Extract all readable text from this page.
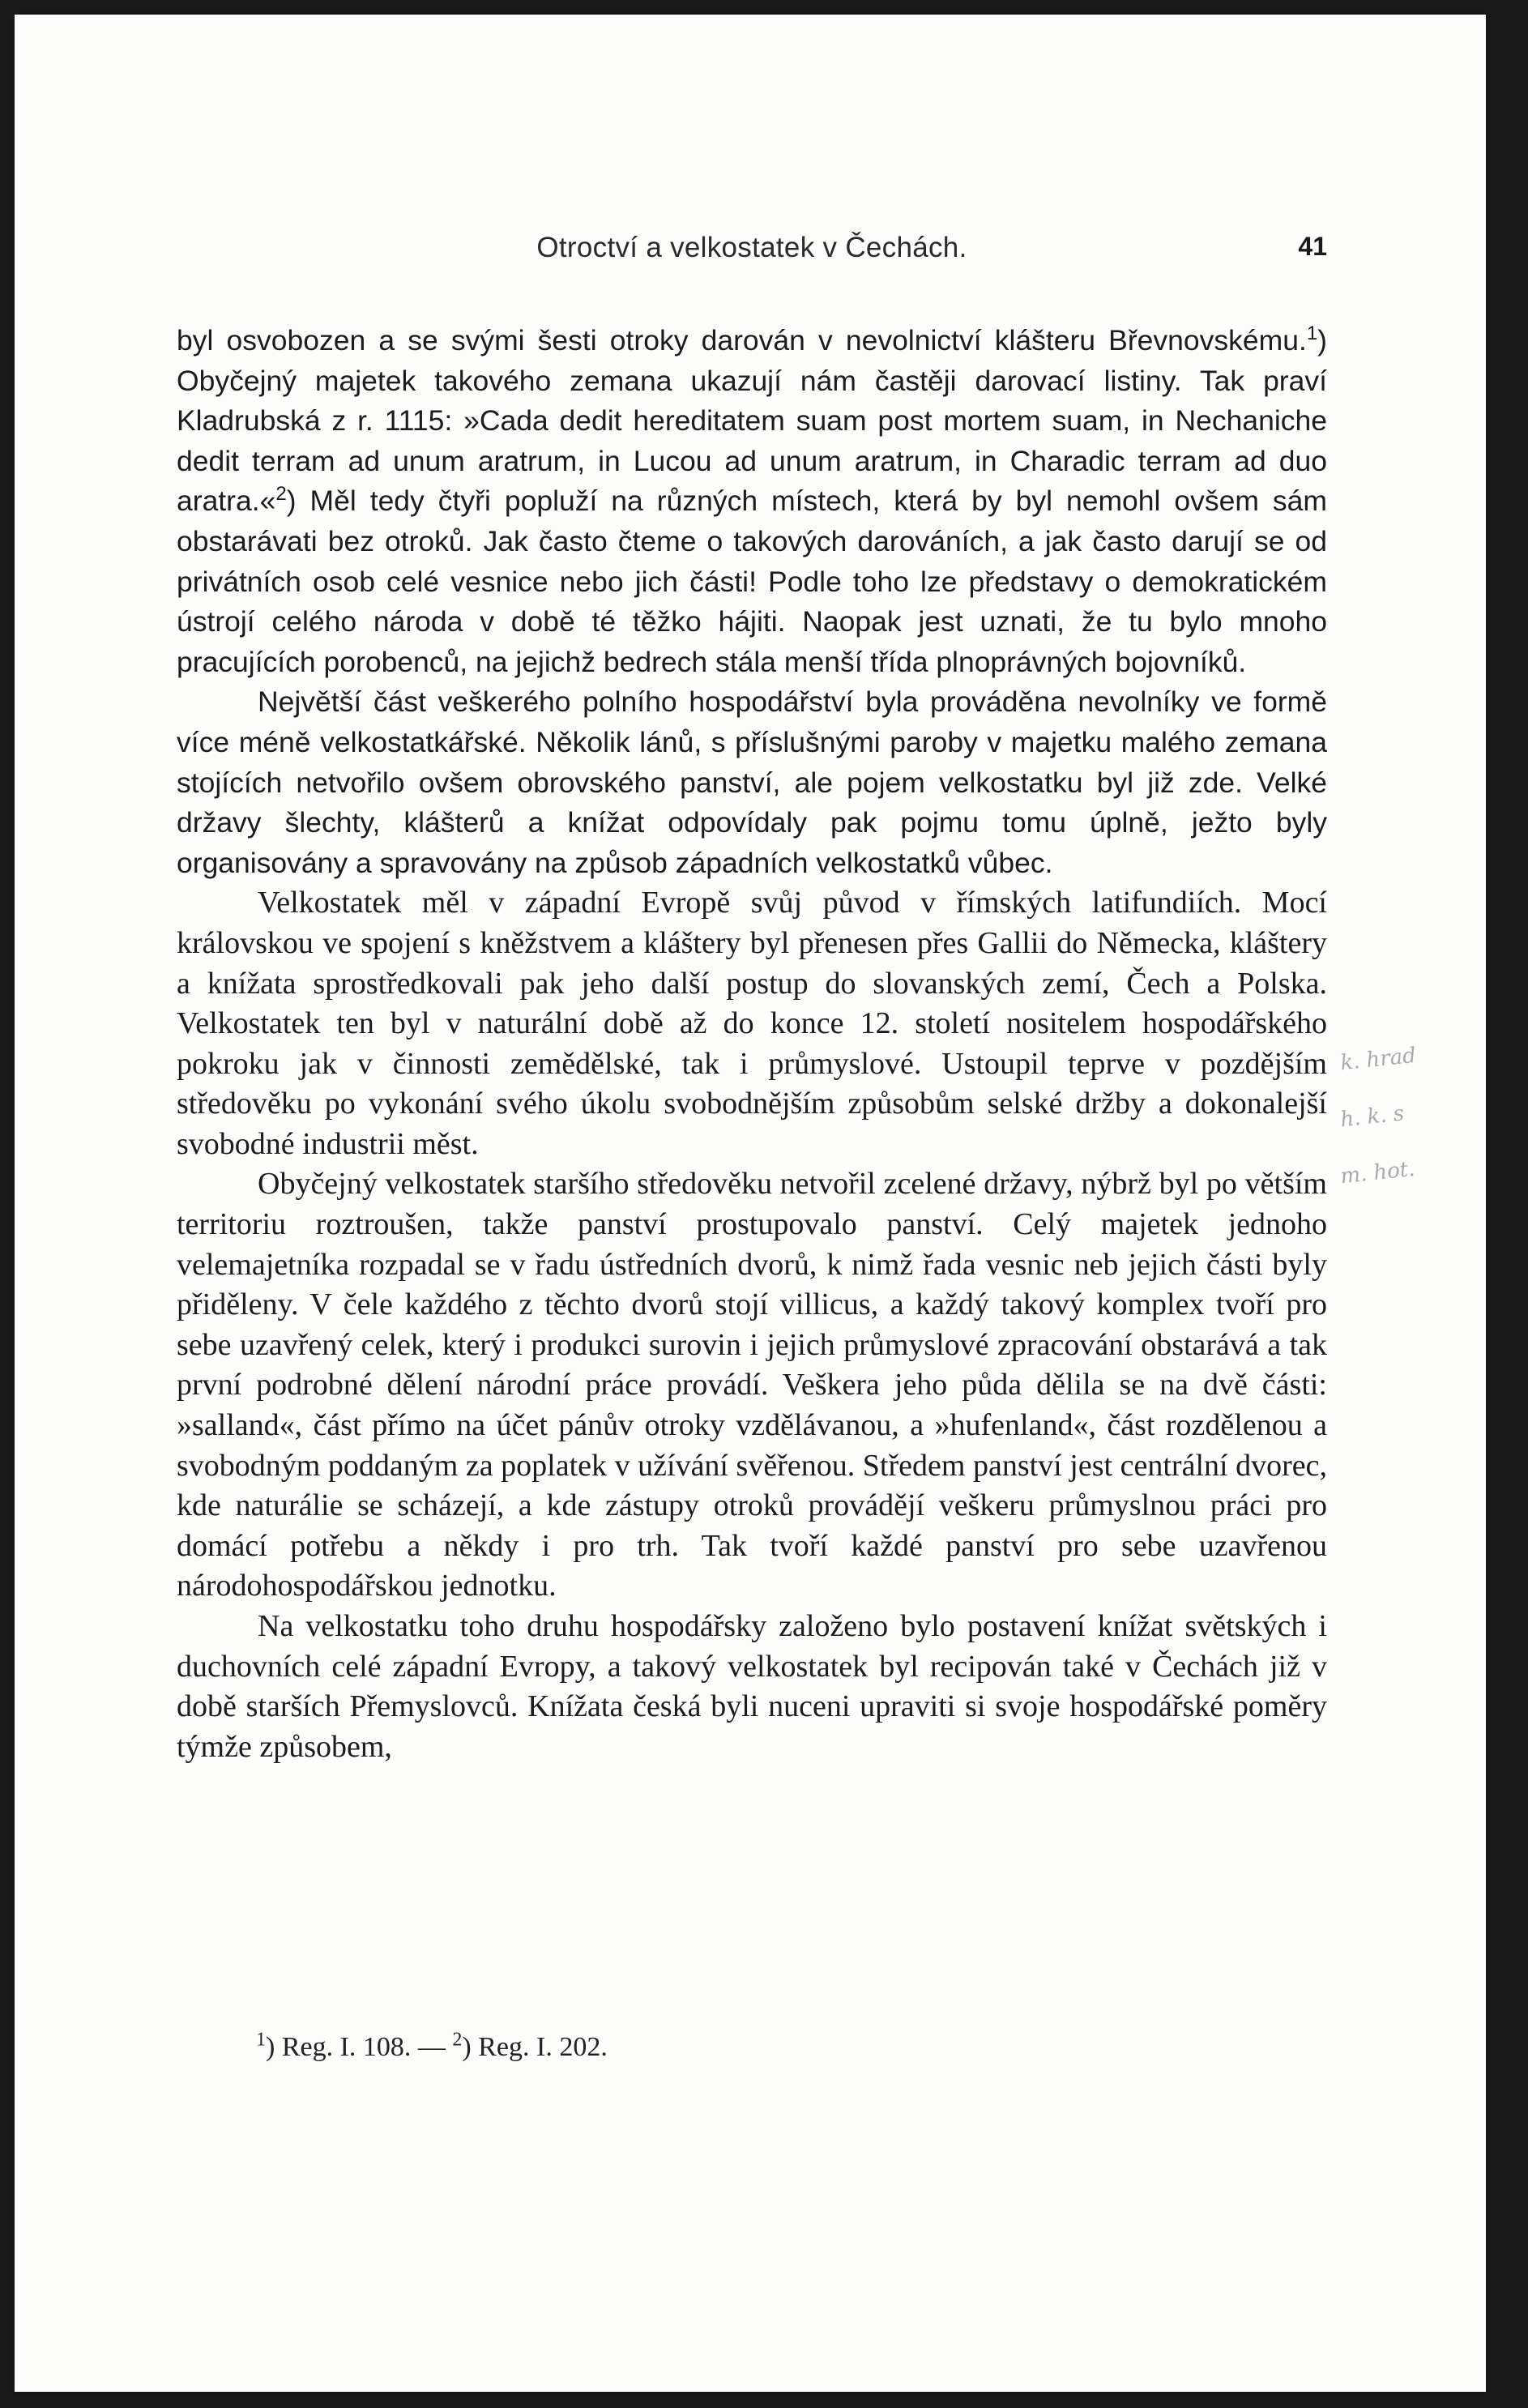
Otroctví a velkostatek v Čechách.	41

byl osvobozen a se svými šesti otroky darován v nevolnictví klášteru Břevnovskému.$^1$) Obyčejný majetek takového zemana ukazují nám častěji darovací listiny. Tak praví Kladrubská z r. 1115: »Cada dedit hereditatem suam post mortem suam, in Nechaniche dedit terram ad unum aratrum, in Lucou ad unum aratrum, in Charadic terram ad duo aratra.«$^2$) Měl tedy čtyři popluží na různých místech, která by byl nemohl ovšem sám obstarávati bez otroků. Jak často čteme o takových darováních, a jak často darují se od privátních osob celé vesnice nebo jich části! Podle toho lze představy o demokratickém ústrojí celého národa v době té těžko hájiti. Naopak jest uznati, že tu bylo mnoho pracujících porobenců, na jejichž bedrech stála menší třída plnoprávných bojovníků.

Největší část veškerého polního hospodářství byla prováděna nevolníky ve formě více méně velkostatkářské. Několik lánů, s příslušnými paroby v majetku malého zemana stojících netvořilo ovšem obrovského panství, ale pojem velkostatku byl již zde. Velké državy šlechty, klášterů a knížat odpovídaly pak pojmu tomu úplně, ježto byly organisovány a spravovány na způsob západních velkostatků vůbec.

Velkostatek měl v západní Evropě svůj původ v římských latifundiích. Mocí královskou ve spojení s kněžstvem a kláštery byl přenesen přes Gallii do Německa, kláštery a knížata sprostředkovali pak jeho další postup do slovanských zemí, Čech a Polska. Velkostatek ten byl v naturální době až do konce 12. století nositelem hospodářského pokroku jak v činnosti zemědělské, tak i průmyslové. Ustoupil teprve v pozdějším středověku po vykonání svého úkolu svobodnějším způsobům selské držby a dokonalejší svobodné industrii měst.

Obyčejný velkostatek staršího středověku netvořil zcelené državy, nýbrž byl po větším territoriu roztroušen, takže panství prostupovalo panství. Celý majetek jednoho velemajetníka rozpadal se v řadu ústředních dvorů, k nimž řada vesnic neb jejich části byly přiděleny. V čele každého z těchto dvorů stojí villicus, a každý takový komplex tvoří pro sebe uzavřený celek, který i produkci surovin i jejich průmyslové zpracování obstarává a tak první podrobné dělení národní práce provádí. Veškera jeho půda dělila se na dvě části: »salland«, část přímo na účet pánův otroky vzdělávanou, a »hufenland«, část rozdělenou a svobodným poddaným za poplatek v užívání svěřenou. Středem panství jest centrální dvorec, kde naturálie se scházejí, a kde zástupy otroků provádějí veškeru průmyslnou práci pro domácí potřebu a někdy i pro trh. Tak tvoří každé panství pro sebe uzavřenou národohospodářskou jednotku.

Na velkostatku toho druhu hospodářsky založeno bylo postavení knížat světských i duchovních celé západní Evropy, a takový velkostatek byl recipován také v Čechách již v době starších Přemyslovců. Knížata česká byli nuceni upraviti si svoje hospodářské poměry týmže způsobem,

$^1$) Reg. I. 108. — $^2$) Reg. I. 202.
k. hrad
h. k. s
m. hot.
